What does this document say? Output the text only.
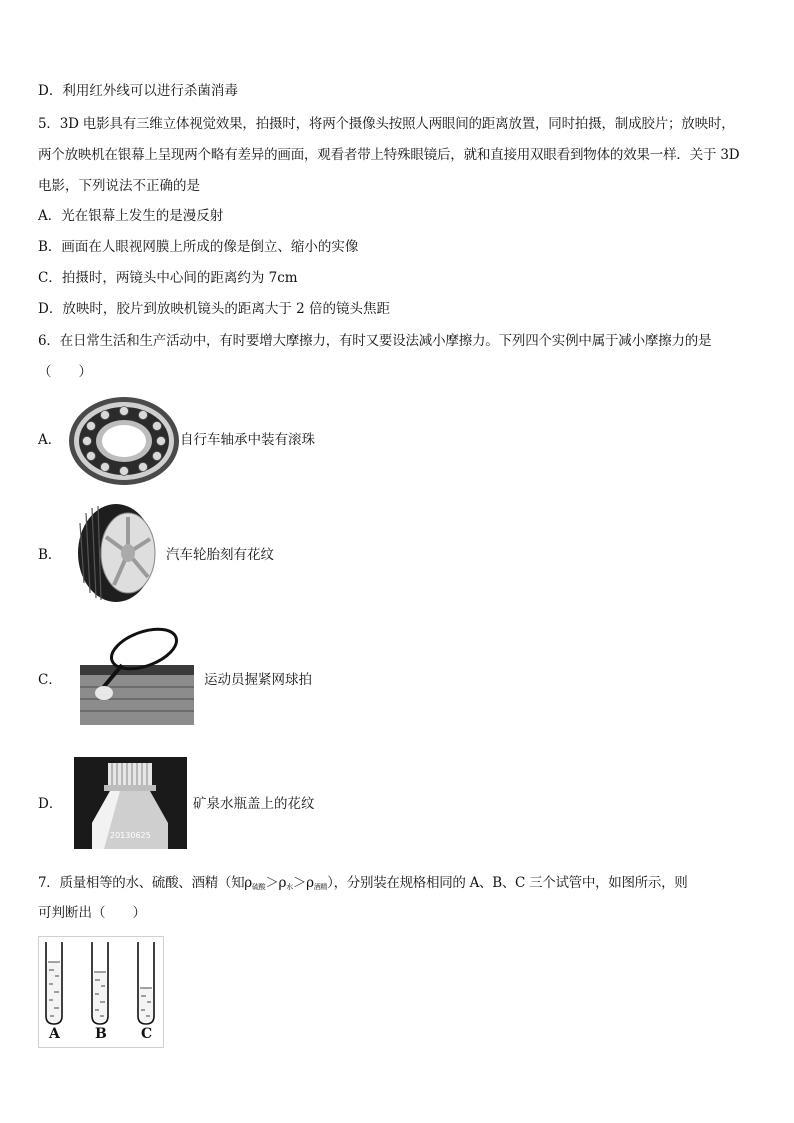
D．利用红外线可以进行杀菌消毒
5．3D 电影具有三维立体视觉效果，拍摄时，将两个摄像头按照人两眼间的距离放置，同时拍摄，制成胶片；放映时，
两个放映机在银幕上呈现两个略有差异的画面，观看者带上特殊眼镜后，就和直接用双眼看到物体的效果一样．关于 3D
电影，下列说法不正确的是
A．光在银幕上发生的是漫反射
B．画面在人眼视网膜上所成的像是倒立、缩小的实像
C．拍摄时，两镜头中心间的距离约为 7cm
D．放映时，胶片到放映机镜头的距离大于 2 倍的镜头焦距
6．在日常生活和生产活动中，有时要增大摩擦力，有时又要设法减小摩擦力。下列四个实例中属于减小摩擦力的是
（　　）
A．	自行车轴承中装有滚珠
B．	汽车轮胎刻有花纹
C．	运动员握紧网球拍
D．
20130625
矿泉水瓶盖上的花纹
7．质量相等的水、硫酸、酒精（知$\rho_{硫酸}>\rho_水>\rho_{酒精}$），分别装在规格相同的 A、B、C 三个试管中，如图所示，则
可判断出（　　）
A	B C
